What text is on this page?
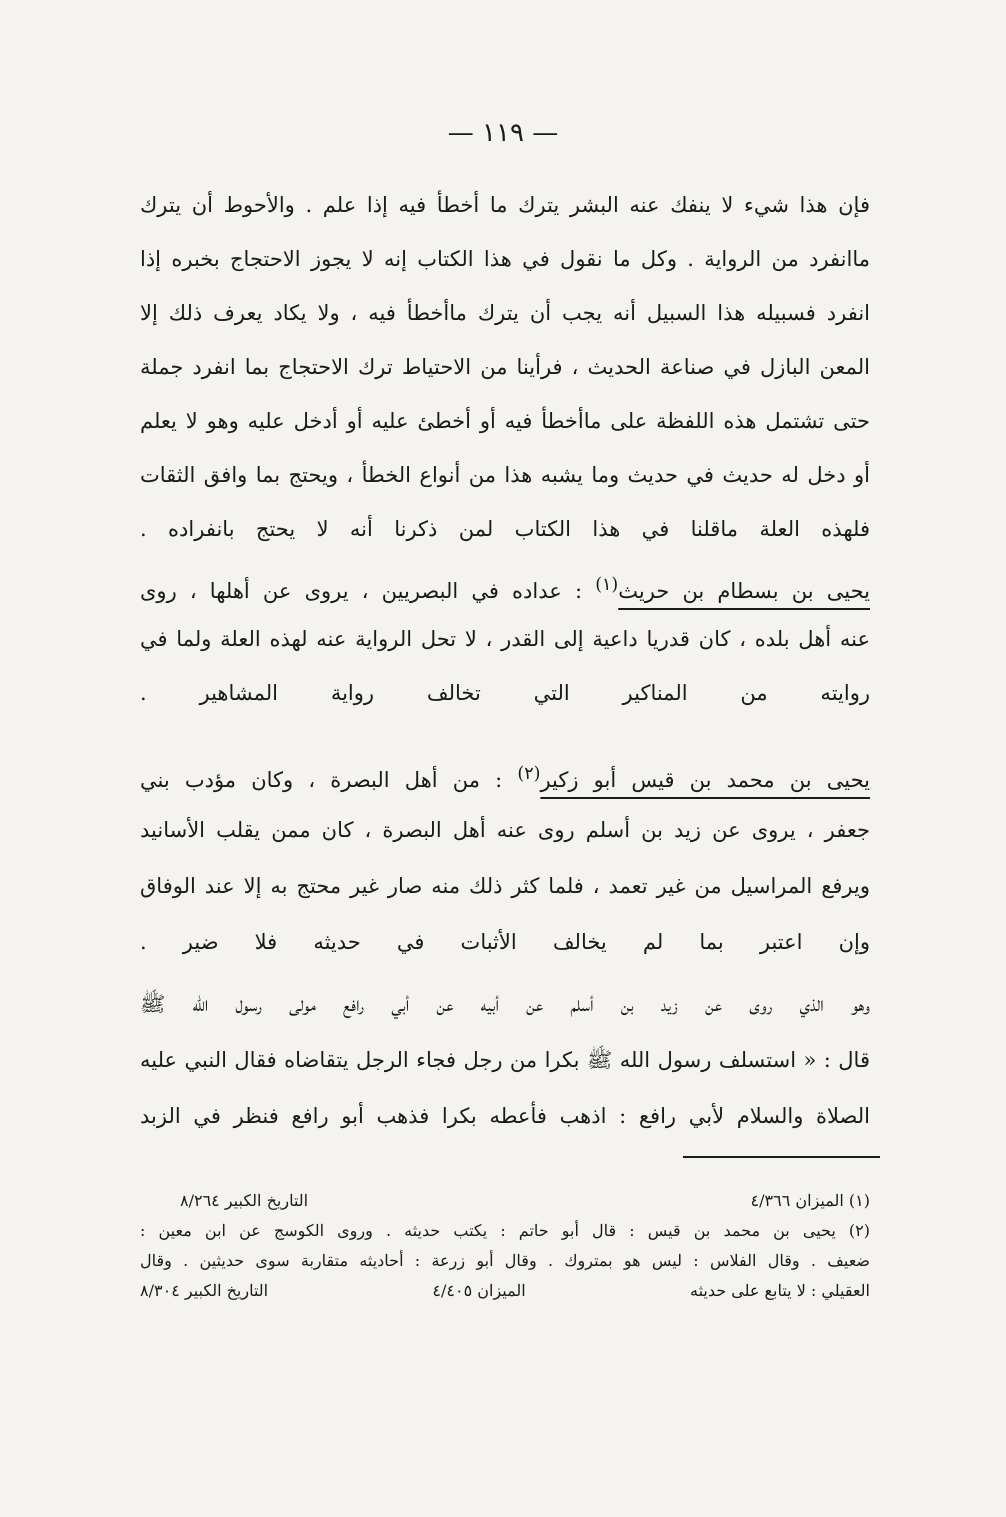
— ١١٩ —
فإن هذا شيء لا ينفك عنه البشر يترك ما أخطأ فيه إذا علم . والأحوط أن يترك
ماانفرد من الرواية . وكل ما نقول في هذا الكتاب إنه لا يجوز الاحتجاج بخبره إذا
انفرد فسبيله هذا السبيل أنه يجب أن يترك ماأخطأ فيه ، ولا يكاد يعرف ذلك إلا
المعن البازل في صناعة الحديث ، فرأينا من الاحتياط ترك الاحتجاج بما انفرد جملة
حتى تشتمل هذه اللفظة على ماأخطأ فيه أو أخطئ عليه أو أدخل عليه وهو لا يعلم
أو دخل له حديث في حديث وما يشبه هذا من أنواع الخطأ ، ويحتج بما وافق الثقات
فلهذه العلة ماقلنا في هذا الكتاب لمن ذكرنا أنه لا يحتج بانفراده .
يحيى بن بسطام بن حريث$^{(١)}$ : عداده في البصريين ، يروى عن أهلها ، روى
عنه أهل بلده ، كان قدريا داعية إلى القدر ، لا تحل الرواية عنه لهذه العلة ولما في
روايته من المناكير التي تخالف رواية المشاهير .
يحيى بن محمد بن قيس أبو زكير$^{(٢)}$ : من أهل البصرة ، وكان مؤدب بني
جعفر ، يروى عن زيد بن أسلم روى عنه أهل البصرة ، كان ممن يقلب الأسانيد
ويرفع المراسيل من غير تعمد ، فلما كثر ذلك منه صار غير محتج به إلا عند الوفاق
وإن اعتبر بما لم يخالف الأثبات في حديثه فلا ضير .
وهو الذي روى عن زيد بن أسلم عن أبيه عن أبي رافع مولى رسول الله ﷺ
قال : « استسلف رسول الله ﷺ بكرا من رجل فجاء الرجل يتقاضاه فقال النبي عليه
الصلاة والسلام لأبي رافع : اذهب فأعطه بكرا فذهب أبو رافع فنظر في الزبد
(١) الميزان ٤/٣٦٦
التاريخ الكبير ٨/٢٦٤
(٢) يحيى بن محمد بن قيس : قال أبو حاتم : يكتب حديثه . وروى الكوسج عن ابن معين :
ضعيف . وقال الفلاس : ليس هو بمتروك . وقال أبو زرعة : أحاديثه متقاربة سوى حديثين . وقال
العقيلي : لا يتابع على حديثه
الميزان ٤/٤٠٥
التاريخ الكبير ٨/٣٠٤
